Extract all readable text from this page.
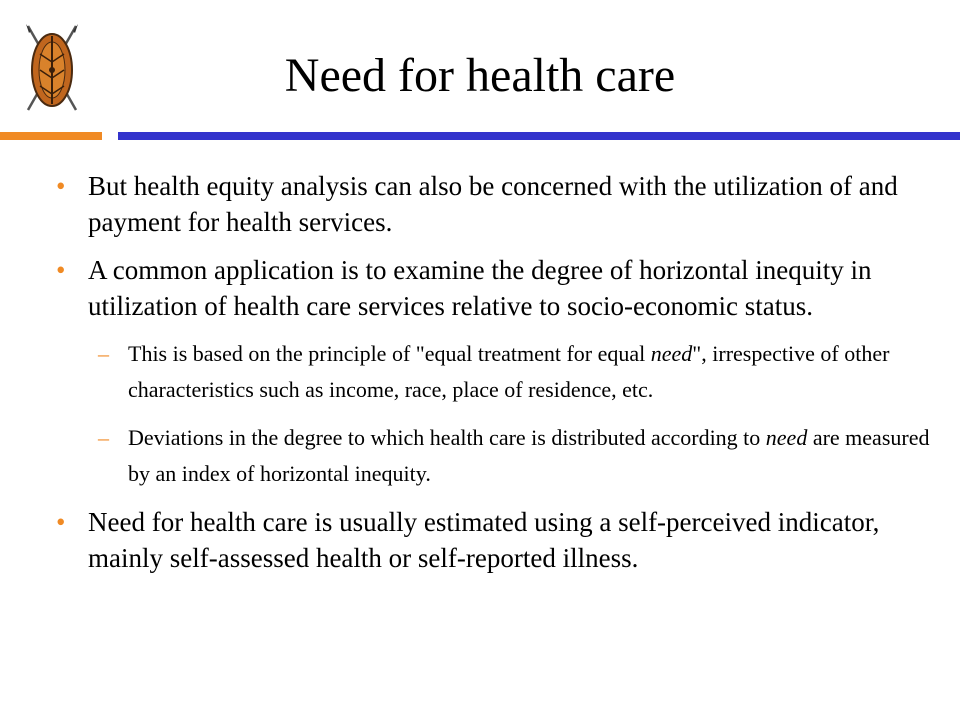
Need for health care

• But health equity analysis can also be concerned with the utilization of and payment for health services.

• A common application is to examine the degree of horizontal inequity in utilization of health care services relative to socio-economic status.

– This is based on the principle of "equal treatment for equal need", irrespective of other characteristics such as income, race, place of residence, etc.

– Deviations in the degree to which health care is distributed according to need are measured by an index of horizontal inequity.

• Need for health care is usually estimated using a self-perceived indicator, mainly self-assessed health or self-reported illness.
